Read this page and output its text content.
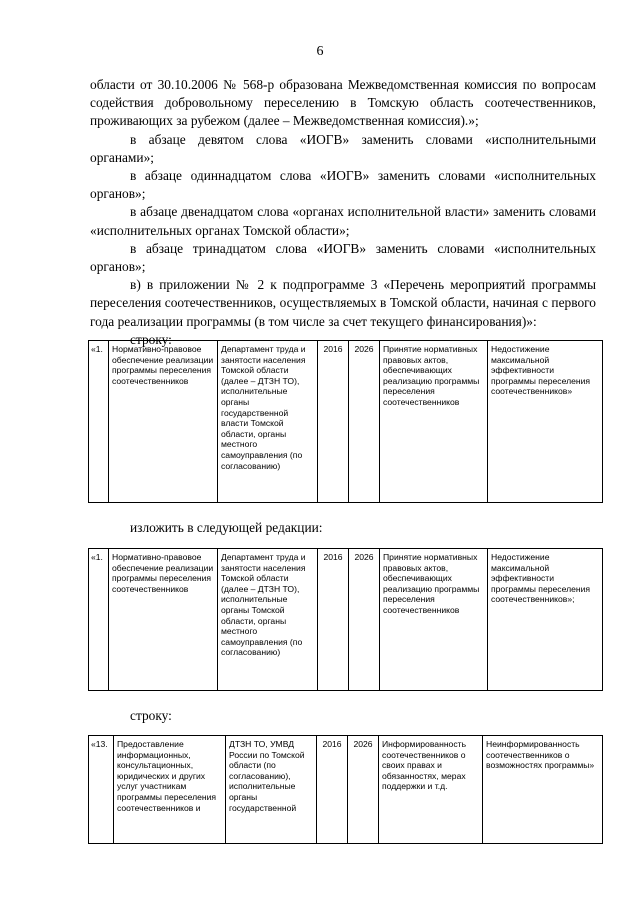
6

области от 30.10.2006 № 568-р образована Межведомственная комиссия по вопросам содействия добровольному переселению в Томскую область соотечественников, проживающих за рубежом (далее – Межведомственная комиссия).»;

в абзаце девятом слова «ИОГВ» заменить словами «исполнительными органами»;

в абзаце одиннадцатом слова «ИОГВ» заменить словами «исполнительных органов»;

в абзаце двенадцатом слова «органах исполнительной власти» заменить словами «исполнительных органах Томской области»;

в абзаце тринадцатом слова «ИОГВ» заменить словами «исполнительных органов»;

в) в приложении № 2 к подпрограмме 3 «Перечень мероприятий программы переселения соотечественников, осуществляемых в Томской области, начиная с первого года реализации программы (в том числе за счет текущего финансирования)»:

строку:

«1.	Нормативно-правовое обеспечение реализации программы переселения соотечественников	Департамент труда и занятости населения Томской области (далее – ДТЗН ТО), исполнительные органы государственной власти Томской области, органы местного самоуправления (по согласованию)	2016	2026	Принятие нормативных правовых актов, обеспечивающих реализацию программы переселения соотечественников	Недостижение максимальной эффективности программы переселения соотечественников»
изложить в следующей редакции:
«1.	Нормативно-правовое обеспечение реализации программы переселения соотечественников	Департамент труда и занятости населения Томской области (далее – ДТЗН ТО), исполнительные органы Томской области, органы местного самоуправления (по согласованию)	2016	2026	Принятие нормативных правовых актов, обеспечивающих реализацию программы переселения соотечественников	Недостижение максимальной эффективности программы переселения соотечественников»;
строку:
«13.	Предоставление информационных, консультационных, юридических и других услуг участникам программы переселения соотечественников и	ДТЗН ТО, УМВД России по Томской области (по согласованию), исполнительные органы государственной	2016	2026	Информированность соотечественников о своих правах и обязанностях, мерах поддержки и т.д.	Неинформированность соотечественников о возможностях программы»
